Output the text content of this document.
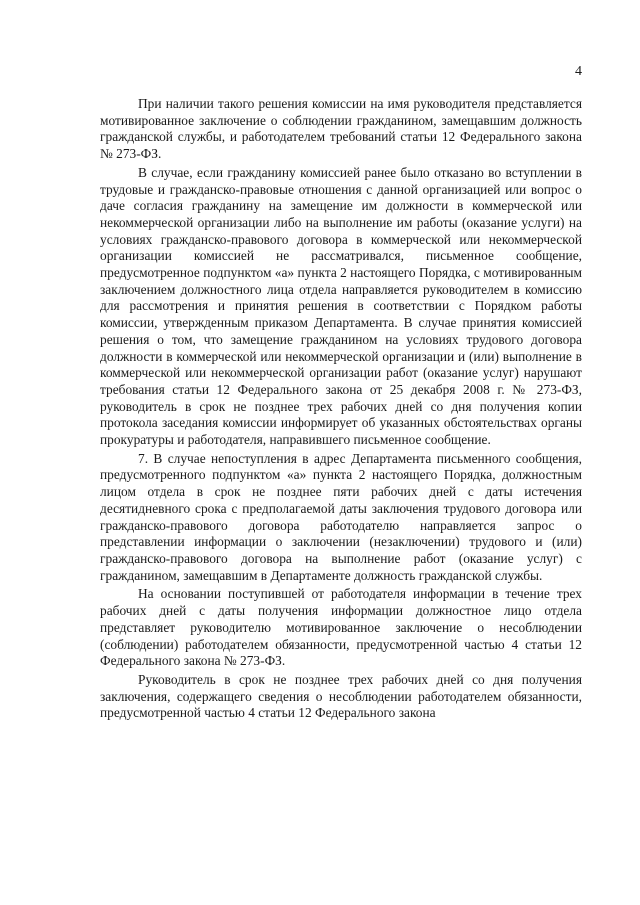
4

При наличии такого решения комиссии на имя руководителя представляется мотивированное заключение о соблюдении гражданином, замещавшим должность гражданской службы, и работодателем требований статьи 12 Федерального закона № 273-ФЗ.

В случае, если гражданину комиссией ранее было отказано во вступлении в трудовые и гражданско-правовые отношения с данной организацией или вопрос о даче согласия гражданину на замещение им должности в коммерческой или некоммерческой организации либо на выполнение им работы (оказание услуги) на условиях гражданско-правового договора в коммерческой или некоммерческой организации комиссией не рассматривался, письменное сообщение, предусмотренное подпунктом «а» пункта 2 настоящего Порядка, с мотивированным заключением должностного лица отдела направляется руководителем в комиссию для рассмотрения и принятия решения в соответствии с Порядком работы комиссии, утвержденным приказом Департамента. В случае принятия комиссией решения о том, что замещение гражданином на условиях трудового договора должности в коммерческой или некоммерческой организации и (или) выполнение в коммерческой или некоммерческой организации работ (оказание услуг) нарушают требования статьи 12 Федерального закона от 25 декабря 2008 г. № 273-ФЗ, руководитель в срок не позднее трех рабочих дней со дня получения копии протокола заседания комиссии информирует об указанных обстоятельствах органы прокуратуры и работодателя, направившего письменное сообщение.

7. В случае непоступления в адрес Департамента письменного сообщения, предусмотренного подпунктом «а» пункта 2 настоящего Порядка, должностным лицом отдела в срок не позднее пяти рабочих дней с даты истечения десятидневного срока с предполагаемой даты заключения трудового договора или гражданско-правового договора работодателю направляется запрос о представлении информации о заключении (незаключении) трудового и (или) гражданско-правового договора на выполнение работ (оказание услуг) с гражданином, замещавшим в Департаменте должность гражданской службы.

На основании поступившей от работодателя информации в течение трех рабочих дней с даты получения информации должностное лицо отдела представляет руководителю мотивированное заключение о несоблюдении (соблюдении) работодателем обязанности, предусмотренной частью 4 статьи 12 Федерального закона № 273-ФЗ.

Руководитель в срок не позднее трех рабочих дней со дня получения заключения, содержащего сведения о несоблюдении работодателем обязанности, предусмотренной частью 4 статьи 12 Федерального закона
